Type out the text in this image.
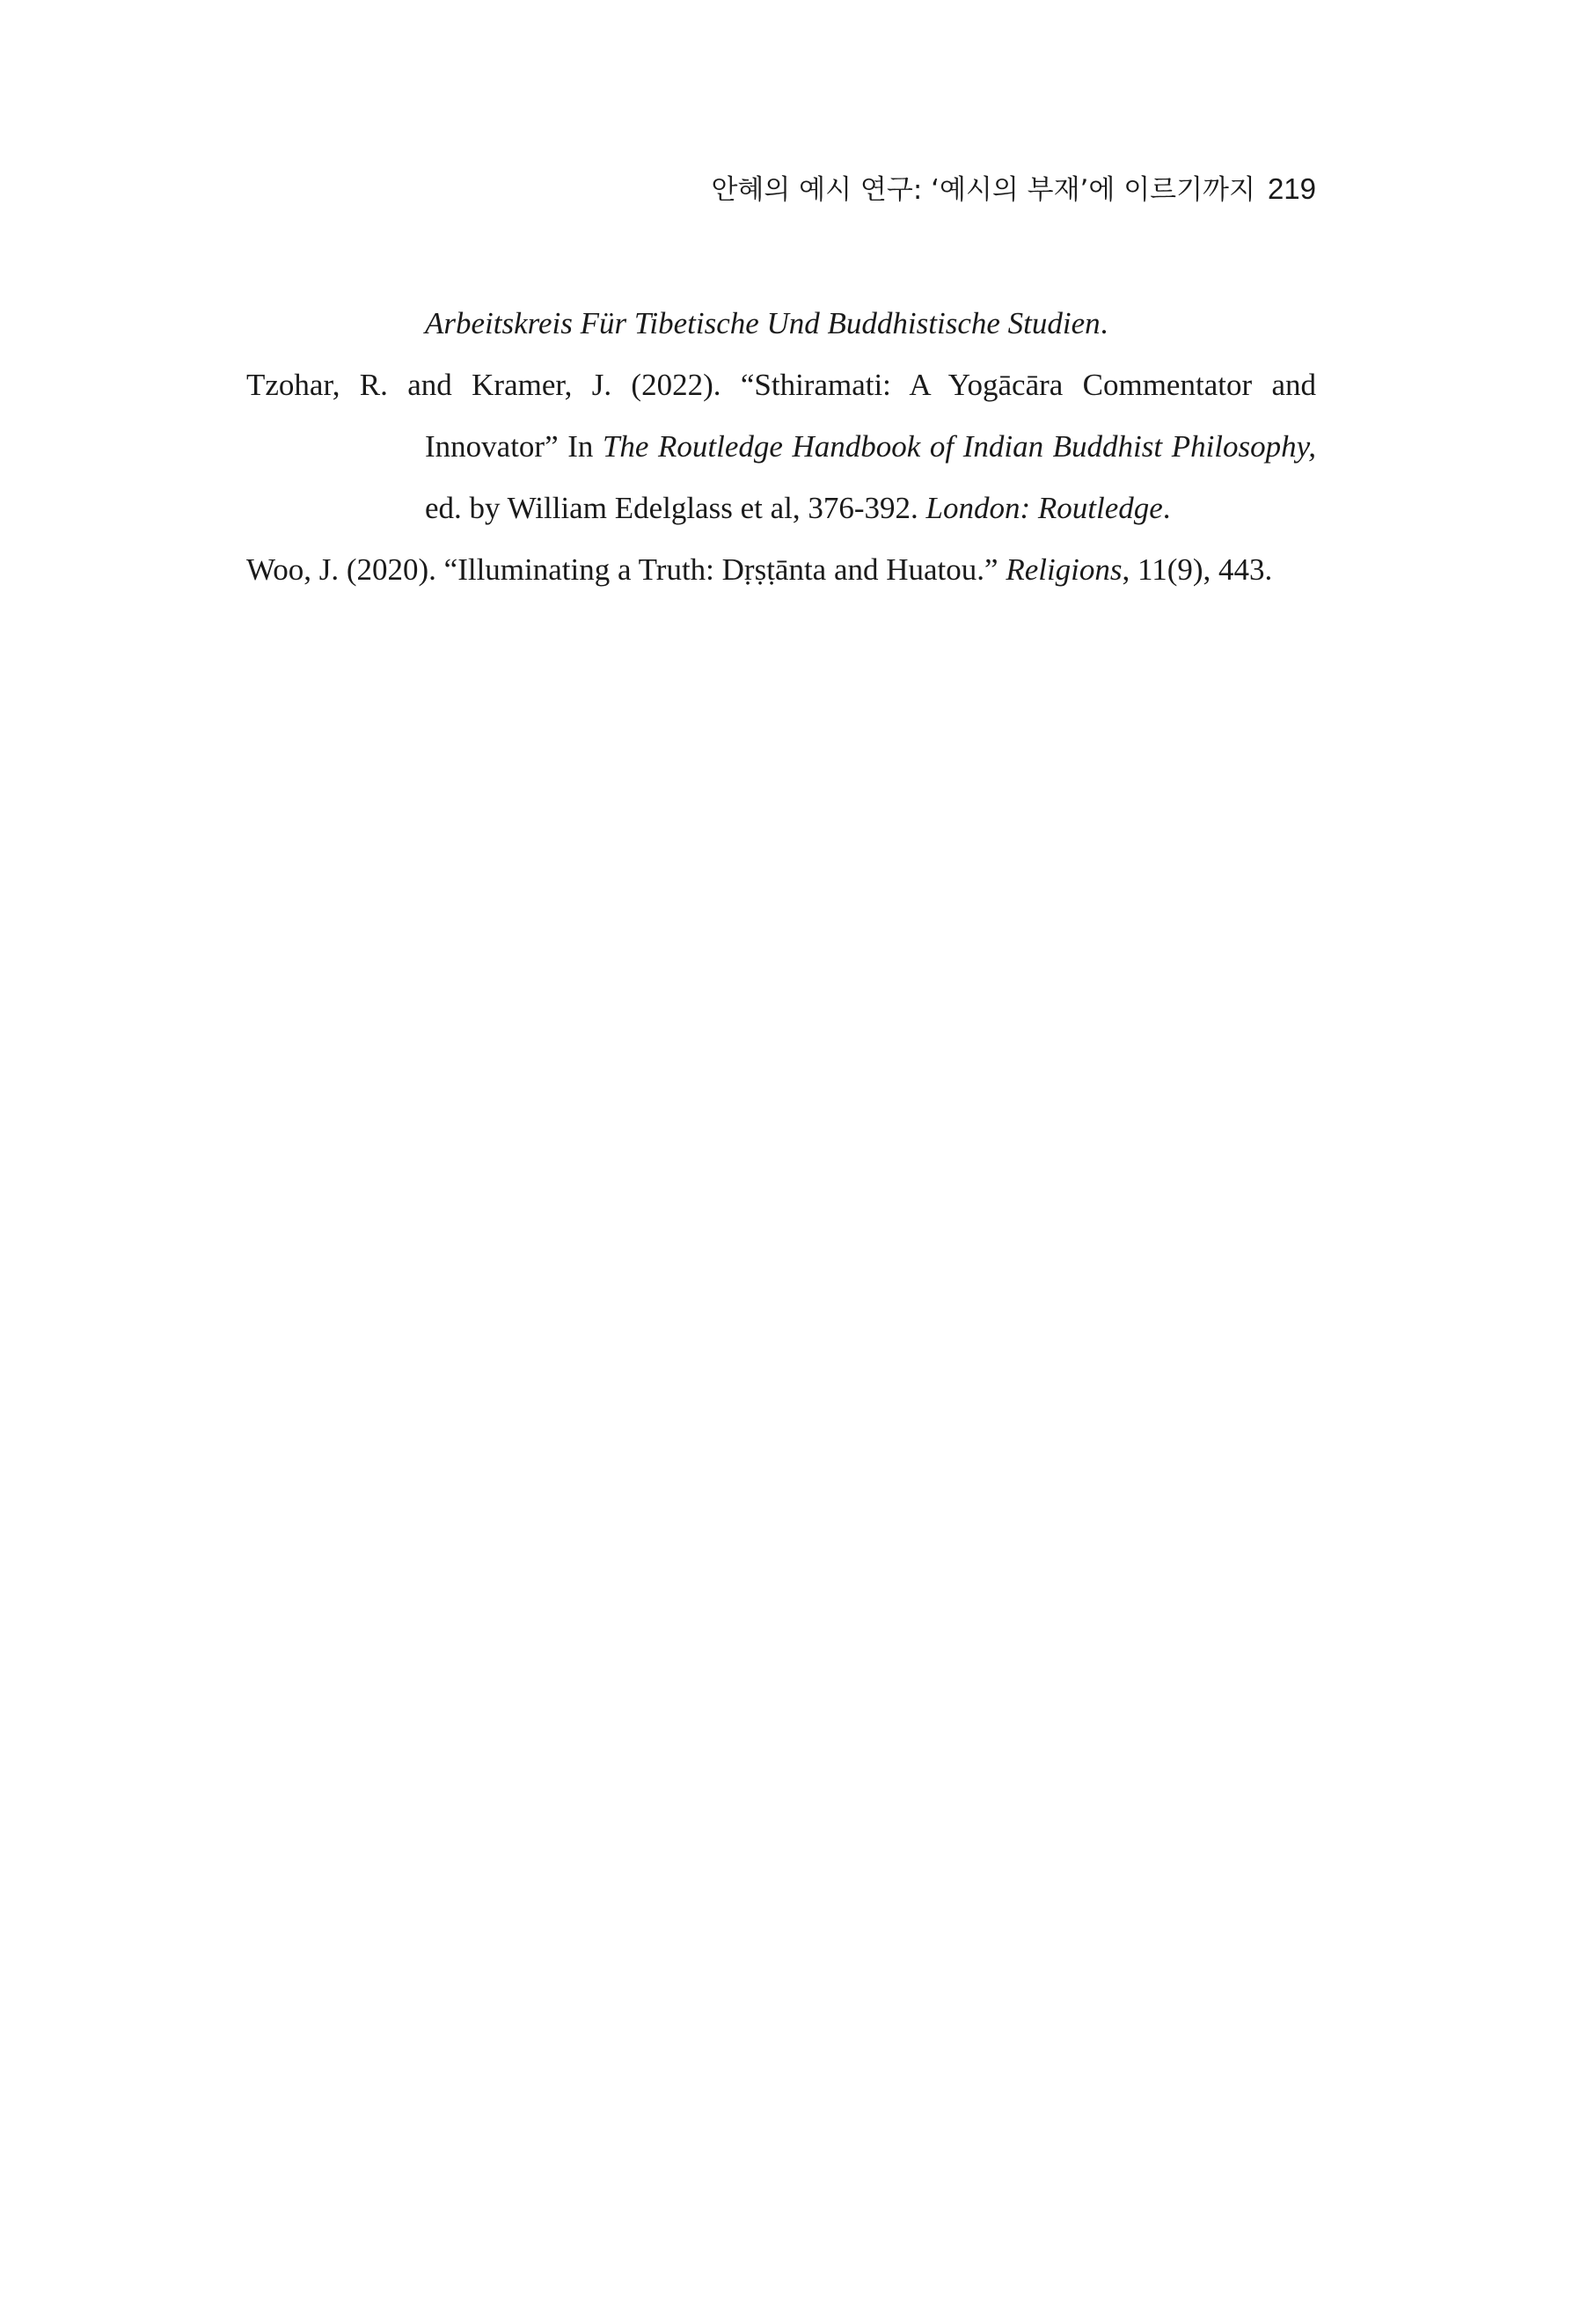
안혜의 예시 연구: ‘예시의 부재’에 이르기까지 219

Arbeitskreis Für Tibetische Und Buddhistische Studien.

Tzohar, R. and Kramer, J. (2022). “Sthiramati: A Yogācāra Commentator and Innovator” In The Routledge Handbook of Indian Buddhist Philosophy, ed. by William Edelglass et al, 376-392. London: Routledge.

Woo, J. (2020). “Illuminating a Truth: Dṛṣṭānta and Huatou.” Religions, 11(9), 443.
